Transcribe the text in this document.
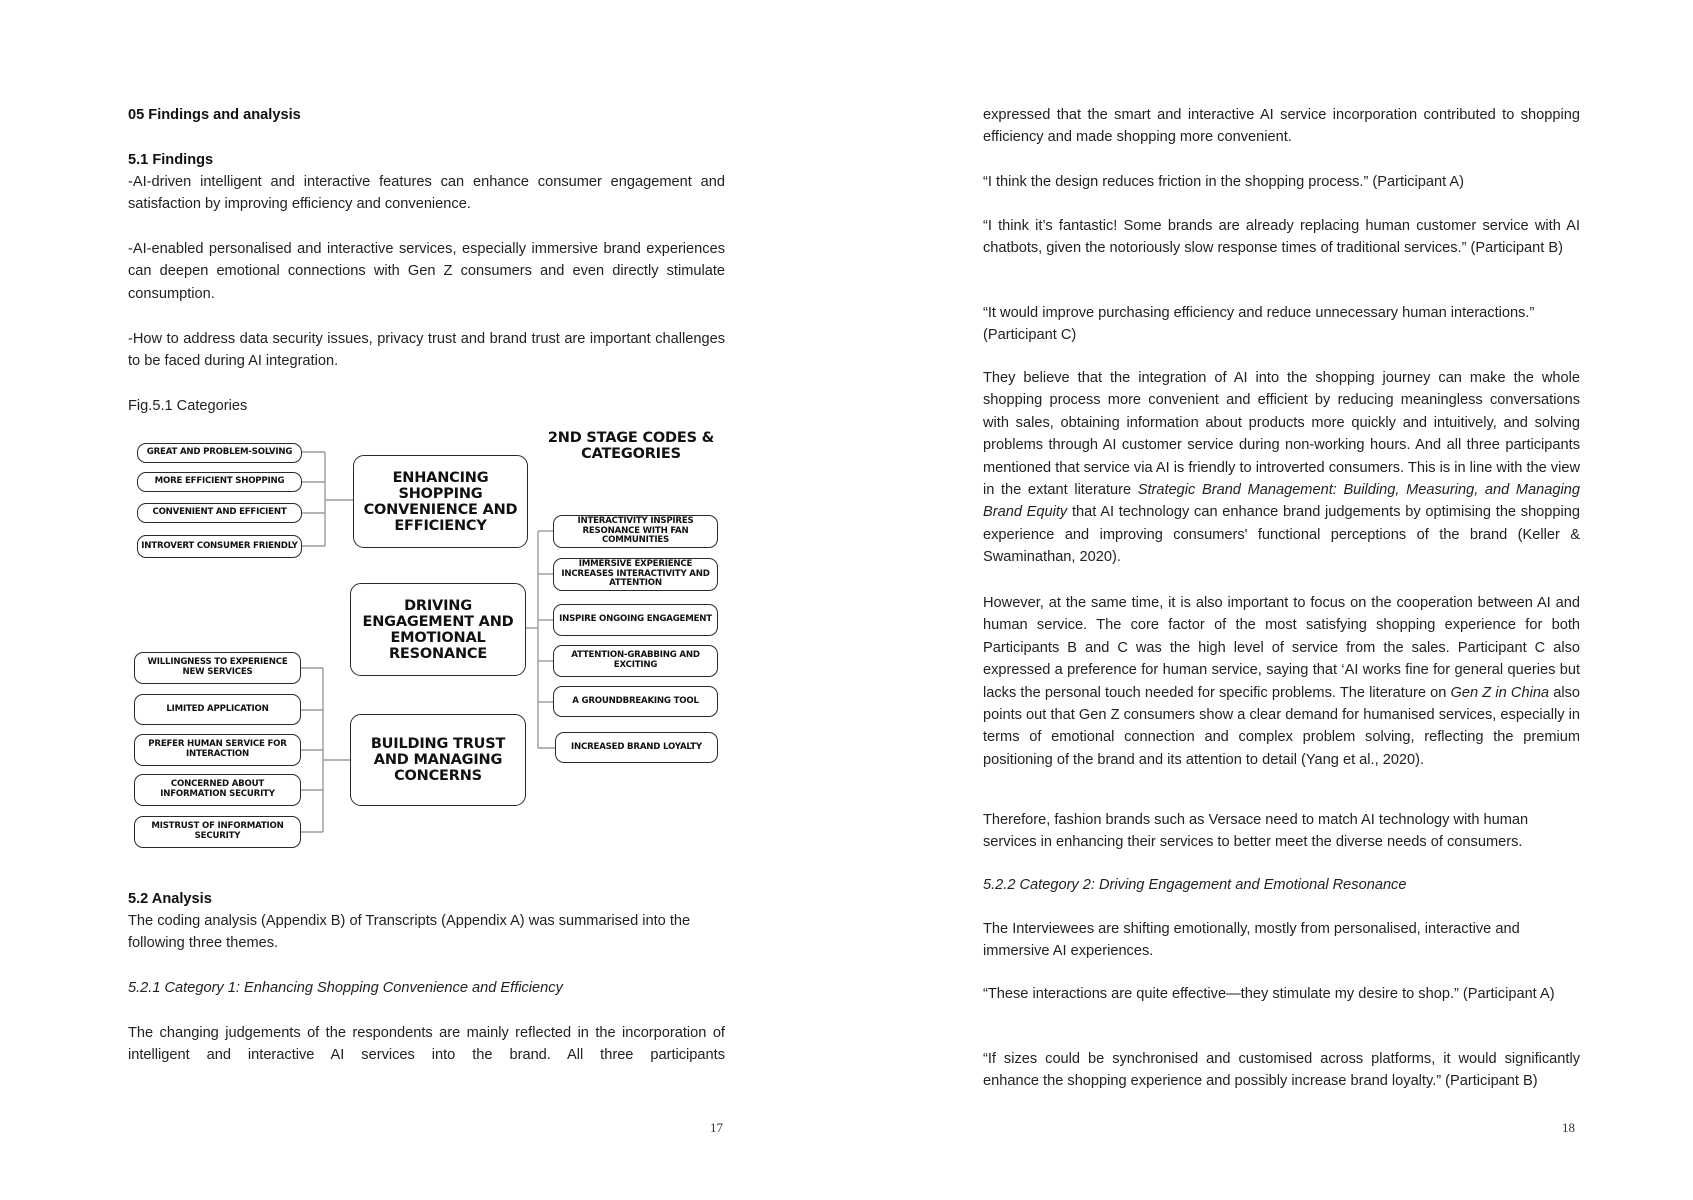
05 Findings and analysis
5.1 Findings
-AI-driven intelligent and interactive features can enhance consumer engagement and satisfaction by improving efficiency and convenience.
-AI-enabled personalised and interactive services, especially immersive brand experiences can deepen emotional connections with Gen Z consumers and even directly stimulate consumption.
-How to address data security issues, privacy trust and brand trust are important challenges to be faced during AI integration.
Fig.5.1 Categories
GREAT AND PROBLEM-SOLVING
MORE EFFICIENT SHOPPING
CONVENIENT AND EFFICIENT
INTROVERT CONSUMER FRIENDLY
ENHANCING SHOPPING CONVENIENCE AND EFFICIENCY
DRIVING ENGAGEMENT AND EMOTIONAL RESONANCE
BUILDING TRUST AND MANAGING CONCERNS
2ND STAGE CODES & CATEGORIES
INTERACTIVITY INSPIRES RESONANCE WITH FAN COMMUNITIES
IMMERSIVE EXPERIENCE INCREASES INTERACTIVITY AND ATTENTION
INSPIRE ONGOING ENGAGEMENT
ATTENTION-GRABBING AND EXCITING
A GROUNDBREAKING TOOL
INCREASED BRAND LOYALTY
WILLINGNESS TO EXPERIENCE NEW SERVICES
LIMITED APPLICATION
PREFER HUMAN SERVICE FOR INTERACTION
CONCERNED ABOUT INFORMATION SECURITY
MISTRUST OF INFORMATION SECURITY
5.2 Analysis
The coding analysis (Appendix B) of Transcripts (Appendix A) was summarised into the following three themes.
5.2.1 Category 1: Enhancing Shopping Convenience and Efficiency
The changing judgements of the respondents are mainly reflected in the incorporation of intelligent and interactive AI services into the brand. All three participants
17
expressed that the smart and interactive AI service incorporation contributed to shopping efficiency and made shopping more convenient.
“I think the design reduces friction in the shopping process.” (Participant A)
“I think it’s fantastic! Some brands are already replacing human customer service with AI chatbots, given the notoriously slow response times of traditional services.” (Participant B)
“It would improve purchasing efficiency and reduce unnecessary human interactions.” (Participant C)
They believe that the integration of AI into the shopping journey can make the whole shopping process more convenient and efficient by reducing meaningless conversations with sales, obtaining information about products more quickly and intuitively, and solving problems through AI customer service during non-working hours. And all three participants mentioned that service via AI is friendly to introverted consumers. This is in line with the view in the extant literature Strategic Brand Management: Building, Measuring, and Managing Brand Equity that AI technology can enhance brand judgements by optimising the shopping experience and improving consumers' functional perceptions of the brand (Keller & Swaminathan, 2020).
However, at the same time, it is also important to focus on the cooperation between AI and human service. The core factor of the most satisfying shopping experience for both Participants B and C was the high level of service from the sales. Participant C also expressed a preference for human service, saying that ‘AI works fine for general queries but lacks the personal touch needed for specific problems. The literature on Gen Z in China also points out that Gen Z consumers show a clear demand for humanised services, especially in terms of emotional connection and complex problem solving, reflecting the premium positioning of the brand and its attention to detail (Yang et al., 2020).
Therefore, fashion brands such as Versace need to match AI technology with human services in enhancing their services to better meet the diverse needs of consumers.
5.2.2 Category 2: Driving Engagement and Emotional Resonance
The Interviewees are shifting emotionally, mostly from personalised, interactive and immersive AI experiences.
“These interactions are quite effective—they stimulate my desire to shop.” (Participant A)
“If sizes could be synchronised and customised across platforms, it would significantly enhance the shopping experience and possibly increase brand loyalty.” (Participant B)
18
